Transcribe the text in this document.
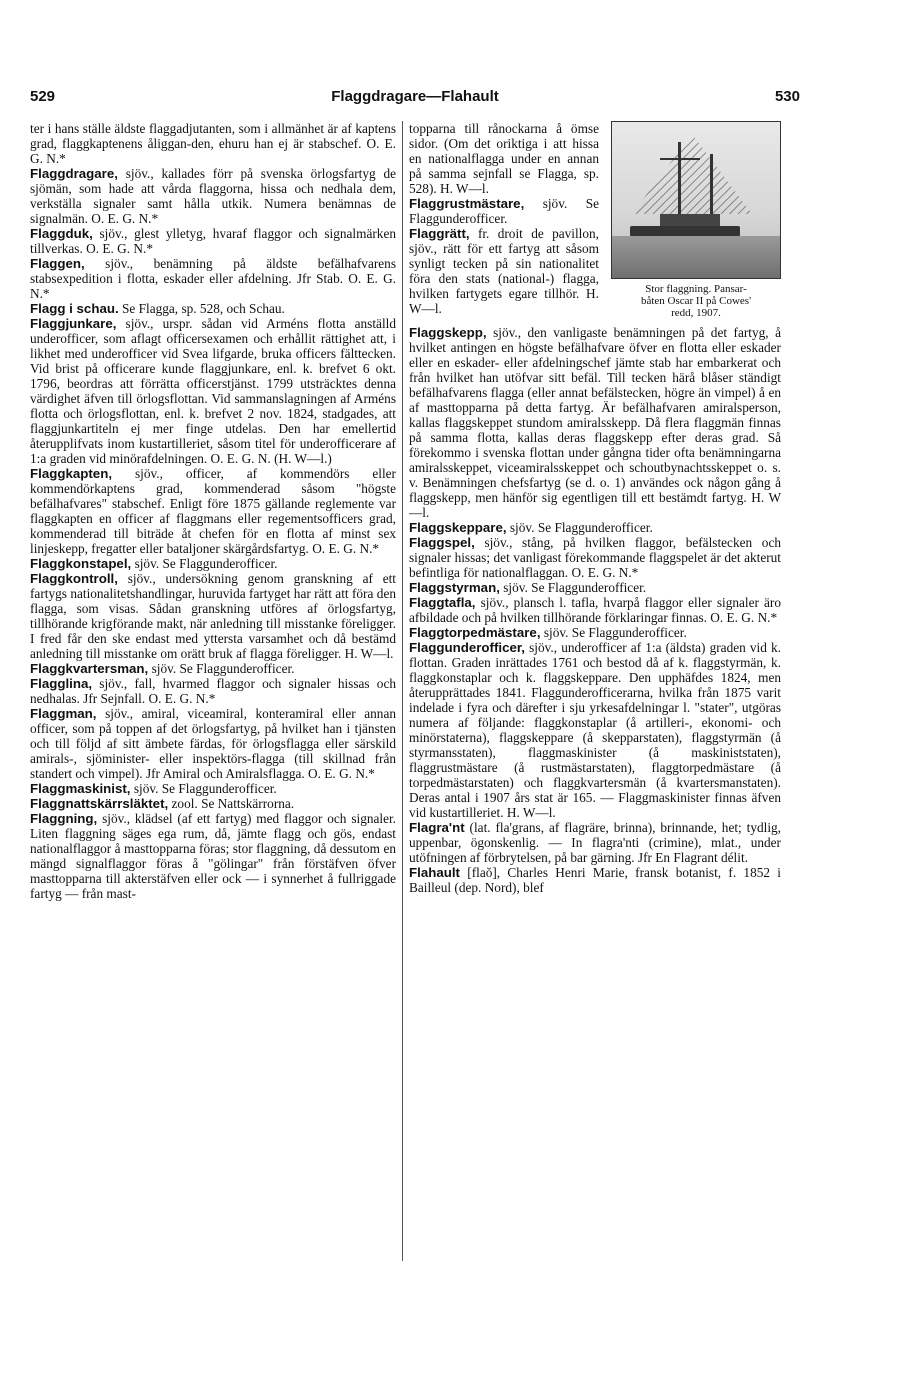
529	Flaggdragare—Flahault	530

ter i hans ställe äldste flaggadjutanten, som i allmänhet är af kaptens grad, flaggkaptenens åliggan-den, ehuru han ej är stabschef. O. E. G. N.*

Flaggdragare, sjöv., kallades förr på svenska örlogsfartyg de sjömän, som hade att vårda flaggorna, hissa och nedhala dem, verkställa signaler samt hålla utkik. Numera benämnas de signalmän. O. E. G. N.*

Flaggduk, sjöv., glest ylletyg, hvaraf flaggor och signalmärken tillverkas. O. E. G. N.*

Flaggen, sjöv., benämning på äldste befälhafvarens stabsexpedition i flotta, eskader eller afdelning. Jfr Stab. O. E. G. N.*

Flagg i schau. Se Flagga, sp. 528, och Schau.

Flaggjunkare, sjöv., urspr. sådan vid Arméns flotta anställd underofficer, som aflagt officersexamen och erhållit rättighet att, i likhet med underofficer vid Svea lifgarde, bruka officers fälttecken. Vid brist på officerare kunde flaggjunkare, enl. k. brefvet 6 okt. 1796, beordras att förrätta officerstjänst. 1799 utsträcktes denna värdighet äfven till örlogsflottan. Vid sammanslagningen af Arméns flotta och örlogsflottan, enl. k. brefvet 2 nov. 1824, stadgades, att flaggjunkartiteln ej mer finge utdelas. Den har emellertid återupplifvats inom kustartilleriet, såsom titel för underofficerare af 1:a graden vid minörafdelningen. O. E. G. N. (H. W—l.)

Flaggkapten, sjöv., officer, af kommendörs eller kommendörkaptens grad, kommenderad såsom "högste befälhafvares" stabschef. Enligt före 1875 gällande reglemente var flaggkapten en officer af flaggmans eller regementsofficers grad, kommenderad till biträde åt chefen för en flotta af minst sex linjeskepp, fregatter eller bataljoner skärgårdsfartyg. O. E. G. N.*

Flaggkonstapel, sjöv. Se Flaggunderofficer.

Flaggkontroll, sjöv., undersökning genom granskning af ett fartygs nationalitetshandlingar, huruvida fartyget har rätt att föra den flagga, som visas. Sådan granskning utföres af örlogsfartyg, tillhörande krigförande makt, när anledning till misstanke föreligger. I fred får den ske endast med yttersta varsamhet och då bestämd anledning till misstanke om orätt bruk af flagga föreligger. H. W—l.

Flaggkvartersman, sjöv. Se Flaggunderofficer.

Flagglina, sjöv., fall, hvarmed flaggor och signaler hissas och nedhalas. Jfr Sejnfall. O. E. G. N.*

Flaggman, sjöv., amiral, viceamiral, konteramiral eller annan officer, som på toppen af det örlogsfartyg, på hvilket han i tjänsten och till följd af sitt ämbete färdas, för örlogsflagga eller särskild amirals-, sjöminister- eller inspektörs-flagga (till skillnad från standert och vimpel). Jfr Amiral och Amiralsflagga. O. E. G. N.*

Flaggmaskinist, sjöv. Se Flaggunderofficer.

Flaggnattskärrsläktet, zool. Se Nattskärrorna.

Flaggning, sjöv., klädsel (af ett fartyg) med flaggor och signaler. Liten flaggning säges ega rum, då, jämte flagg och gös, endast nationalflaggor å masttopparna föras; stor flaggning, då dessutom en mängd signalflaggor föras å "gölingar" från förstäfven öfver masttopparna till akterstäfven eller ock — i synnerhet å fullriggade fartyg — från mast-

Stor flaggning. Pansar-
båten Oscar II på Cowes'
redd, 1907.

topparna till rånockarna å ömse sidor. (Om det oriktiga i att hissa en nationalflagga under en annan på samma sejnfall se Flagga, sp. 528). H. W—l.

Flaggrustmästare, sjöv. Se Flaggunderofficer.

Flaggrätt, fr. droit de pavillon, sjöv., rätt för ett fartyg att såsom synligt tecken på sin nationalitet föra den stats (national-) flagga, hvilken fartygets egare tillhör. H. W—l.

Flaggskepp, sjöv., den vanligaste benämningen på det fartyg, å hvilket antingen en högste befälhafvare öfver en flotta eller eskader eller en eskader- eller afdelningschef jämte stab har embarkerat och från hvilket han utöfvar sitt befäl. Till tecken härå blåser ständigt befälhafvarens flagga (eller annat befälstecken, högre än vimpel) å en af masttopparna på detta fartyg. Är befälhafvaren amiralsperson, kallas flaggskeppet stundom amiralsskepp. Då flera flaggmän finnas på samma flotta, kallas deras flaggskepp efter deras grad. Så förekommo i svenska flottan under gångna tider ofta benämningarna amiralsskeppet, viceamiralsskeppet och schoutbynachtsskeppet o. s. v. Benämningen chefsfartyg (se d. o. 1) användes ock någon gång å flaggskepp, men hänför sig egentligen till ett bestämdt fartyg. H. W—l.

Flaggskeppare, sjöv. Se Flaggunderofficer.

Flaggspel, sjöv., stång, på hvilken flaggor, befälstecken och signaler hissas; det vanligast förekommande flaggspelet är det akterut befintliga för nationalflaggan. O. E. G. N.*

Flaggstyrman, sjöv. Se Flaggunderofficer.

Flaggtafla, sjöv., plansch l. tafla, hvarpå flaggor eller signaler äro afbildade och på hvilken tillhörande förklaringar finnas. O. E. G. N.*

Flaggtorpedmästare, sjöv. Se Flaggunderofficer.

Flaggunderofficer, sjöv., underofficer af 1:a (äldsta) graden vid k. flottan. Graden inrättades 1761 och bestod då af k. flaggstyrmän, k. flaggkonstaplar och k. flaggskeppare. Den upphäfdes 1824, men återupprättades 1841. Flaggunderofficerarna, hvilka från 1875 varit indelade i fyra och därefter i sju yrkesafdelningar l. "stater", utgöras numera af följande: flaggkonstaplar (å artilleri-, ekonomi- och minörstaterna), flaggskeppare (å skepparstaten), flaggstyrmän (å styrmansstaten), flaggmaskinister (å maskiniststaten), flaggrustmästare (å rustmästarstaten), flaggtorpedmästare (å torpedmästarstaten) och flaggkvartersmän (å kvartersmanstaten). Deras antal i 1907 års stat är 165. — Flaggmaskinister finnas äfven vid kustartilleriet. H. W—l.

Flagra'nt (lat. fla'grans, af flagräre, brinna), brinnande, het; tydlig, uppenbar, ögonskenlig. — In flagra'nti (crimine), mlat., under utöfningen af förbrytelsen, på bar gärning. Jfr En Flagrant délit.

Flahault [flaŏ], Charles Henri Marie, fransk botanist, f. 1852 i Bailleul (dep. Nord), blef
